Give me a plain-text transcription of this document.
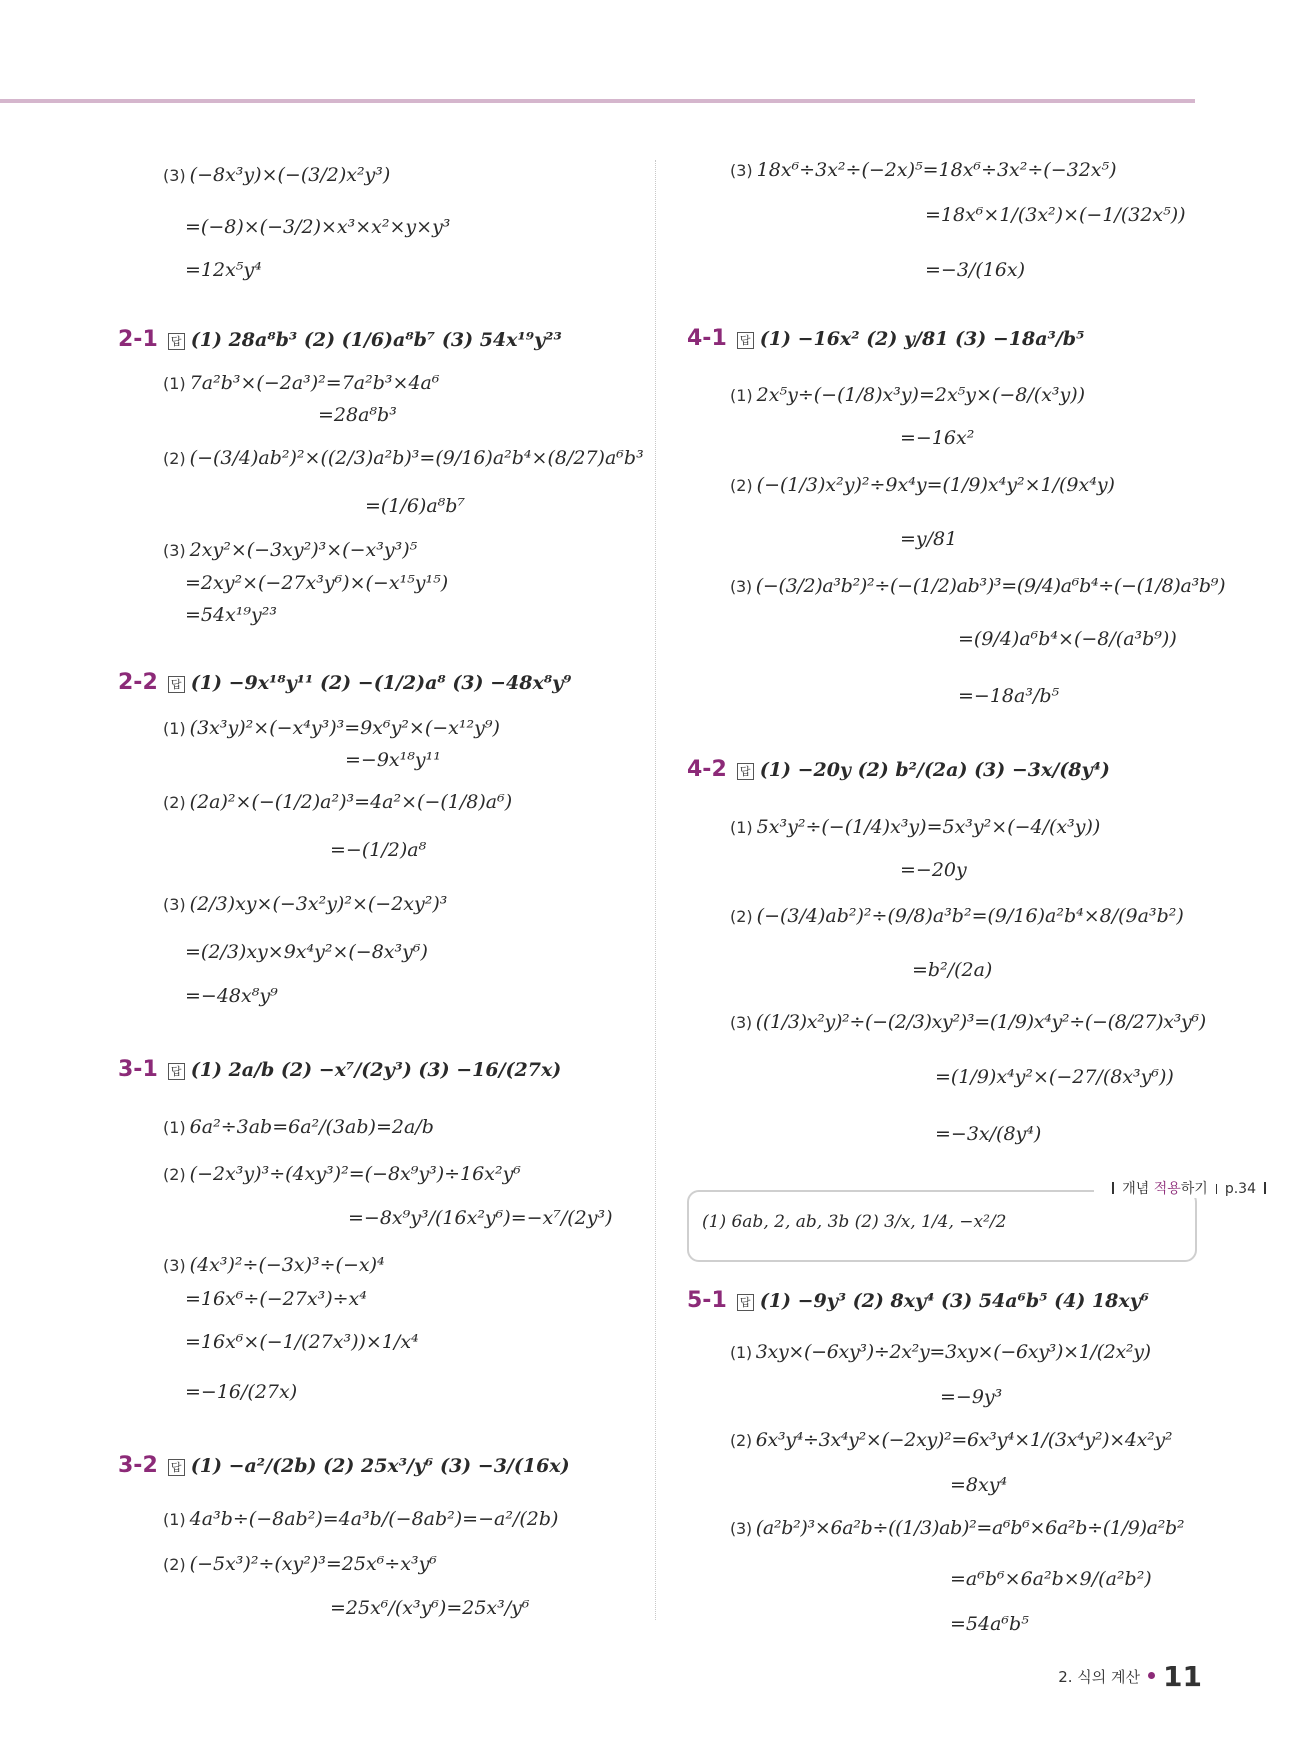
(3) (−8x³y)×(−(3/2)x²y³)
=(−8)×(−3/2)×x³×x²×y×y³
=12x⁵y⁴
2-1 답 (1) 28a⁸b³ (2) (1/6)a⁸b⁷ (3) 54x¹⁹y²³
(1) 7a²b³×(−2a³)²=7a²b³×4a⁶
=28a⁸b³
(2) (−(3/4)ab²)²×((2/3)a²b)³=(9/16)a²b⁴×(8/27)a⁶b³
=(1/6)a⁸b⁷
(3) 2xy²×(−3xy²)³×(−x³y³)⁵
=2xy²×(−27x³y⁶)×(−x¹⁵y¹⁵)
=54x¹⁹y²³
2-2 답 (1) −9x¹⁸y¹¹ (2) −(1/2)a⁸ (3) −48x⁸y⁹
(1) (3x³y)²×(−x⁴y³)³=9x⁶y²×(−x¹²y⁹)
=−9x¹⁸y¹¹
(2) (2a)²×(−(1/2)a²)³=4a²×(−(1/8)a⁶)
=−(1/2)a⁸
(3) (2/3)xy×(−3x²y)²×(−2xy²)³
=(2/3)xy×9x⁴y²×(−8x³y⁶)
=−48x⁸y⁹
3-1 답 (1) 2a/b (2) −x⁷/(2y³) (3) −16/(27x)
(1) 6a²÷3ab=6a²/(3ab)=2a/b
(2) (−2x³y)³÷(4xy³)²=(−8x⁹y³)÷16x²y⁶
=−8x⁹y³/(16x²y⁶)=−x⁷/(2y³)
(3) (4x³)²÷(−3x)³÷(−x)⁴
=16x⁶÷(−27x³)÷x⁴
=16x⁶×(−1/(27x³))×1/x⁴
=−16/(27x)
3-2 답 (1) −a²/(2b) (2) 25x³/y⁶ (3) −3/(16x)
(1) 4a³b÷(−8ab²)=4a³b/(−8ab²)=−a²/(2b)
(2) (−5x³)²÷(xy²)³=25x⁶÷x³y⁶
=25x⁶/(x³y⁶)=25x³/y⁶
(3) 18x⁶÷3x²÷(−2x)⁵=18x⁶÷3x²÷(−32x⁵)
=18x⁶×1/(3x²)×(−1/(32x⁵))
=−3/(16x)
4-1 답 (1) −16x² (2) y/81 (3) −18a³/b⁵
(1) 2x⁵y÷(−(1/8)x³y)=2x⁵y×(−8/(x³y))
=−16x²
(2) (−(1/3)x²y)²÷9x⁴y=(1/9)x⁴y²×1/(9x⁴y)
=y/81
(3) (−(3/2)a³b²)²÷(−(1/2)ab³)³=(9/4)a⁶b⁴÷(−(1/8)a³b⁹)
=(9/4)a⁶b⁴×(−8/(a³b⁹))
=−18a³/b⁵
4-2 답 (1) −20y (2) b²/(2a) (3) −3x/(8y⁴)
(1) 5x³y²÷(−(1/4)x³y)=5x³y²×(−4/(x³y))
=−20y
(2) (−(3/4)ab²)²÷(9/8)a³b²=(9/16)a²b⁴×8/(9a³b²)
=b²/(2a)
(3) ((1/3)x²y)²÷(−(2/3)xy²)³=(1/9)x⁴y²÷(−(8/27)x³y⁶)
=(1/9)x⁴y²×(−27/(8x³y⁶))
=−3x/(8y⁴)
개념 적용하기 p.34
(1) 6ab, 2, ab, 3b (2) 3/x, 1/4, −x²/2
5-1 답 (1) −9y³ (2) 8xy⁴ (3) 54a⁶b⁵ (4) 18xy⁶
(1) 3xy×(−6xy³)÷2x²y=3xy×(−6xy³)×1/(2x²y)
=−9y³
(2) 6x³y⁴÷3x⁴y²×(−2xy)²=6x³y⁴×1/(3x⁴y²)×4x²y²
=8xy⁴
(3) (a²b²)³×6a²b÷((1/3)ab)²=a⁶b⁶×6a²b÷(1/9)a²b²
=a⁶b⁶×6a²b×9/(a²b²)
=54a⁶b⁵
2. 식의 계산 11
